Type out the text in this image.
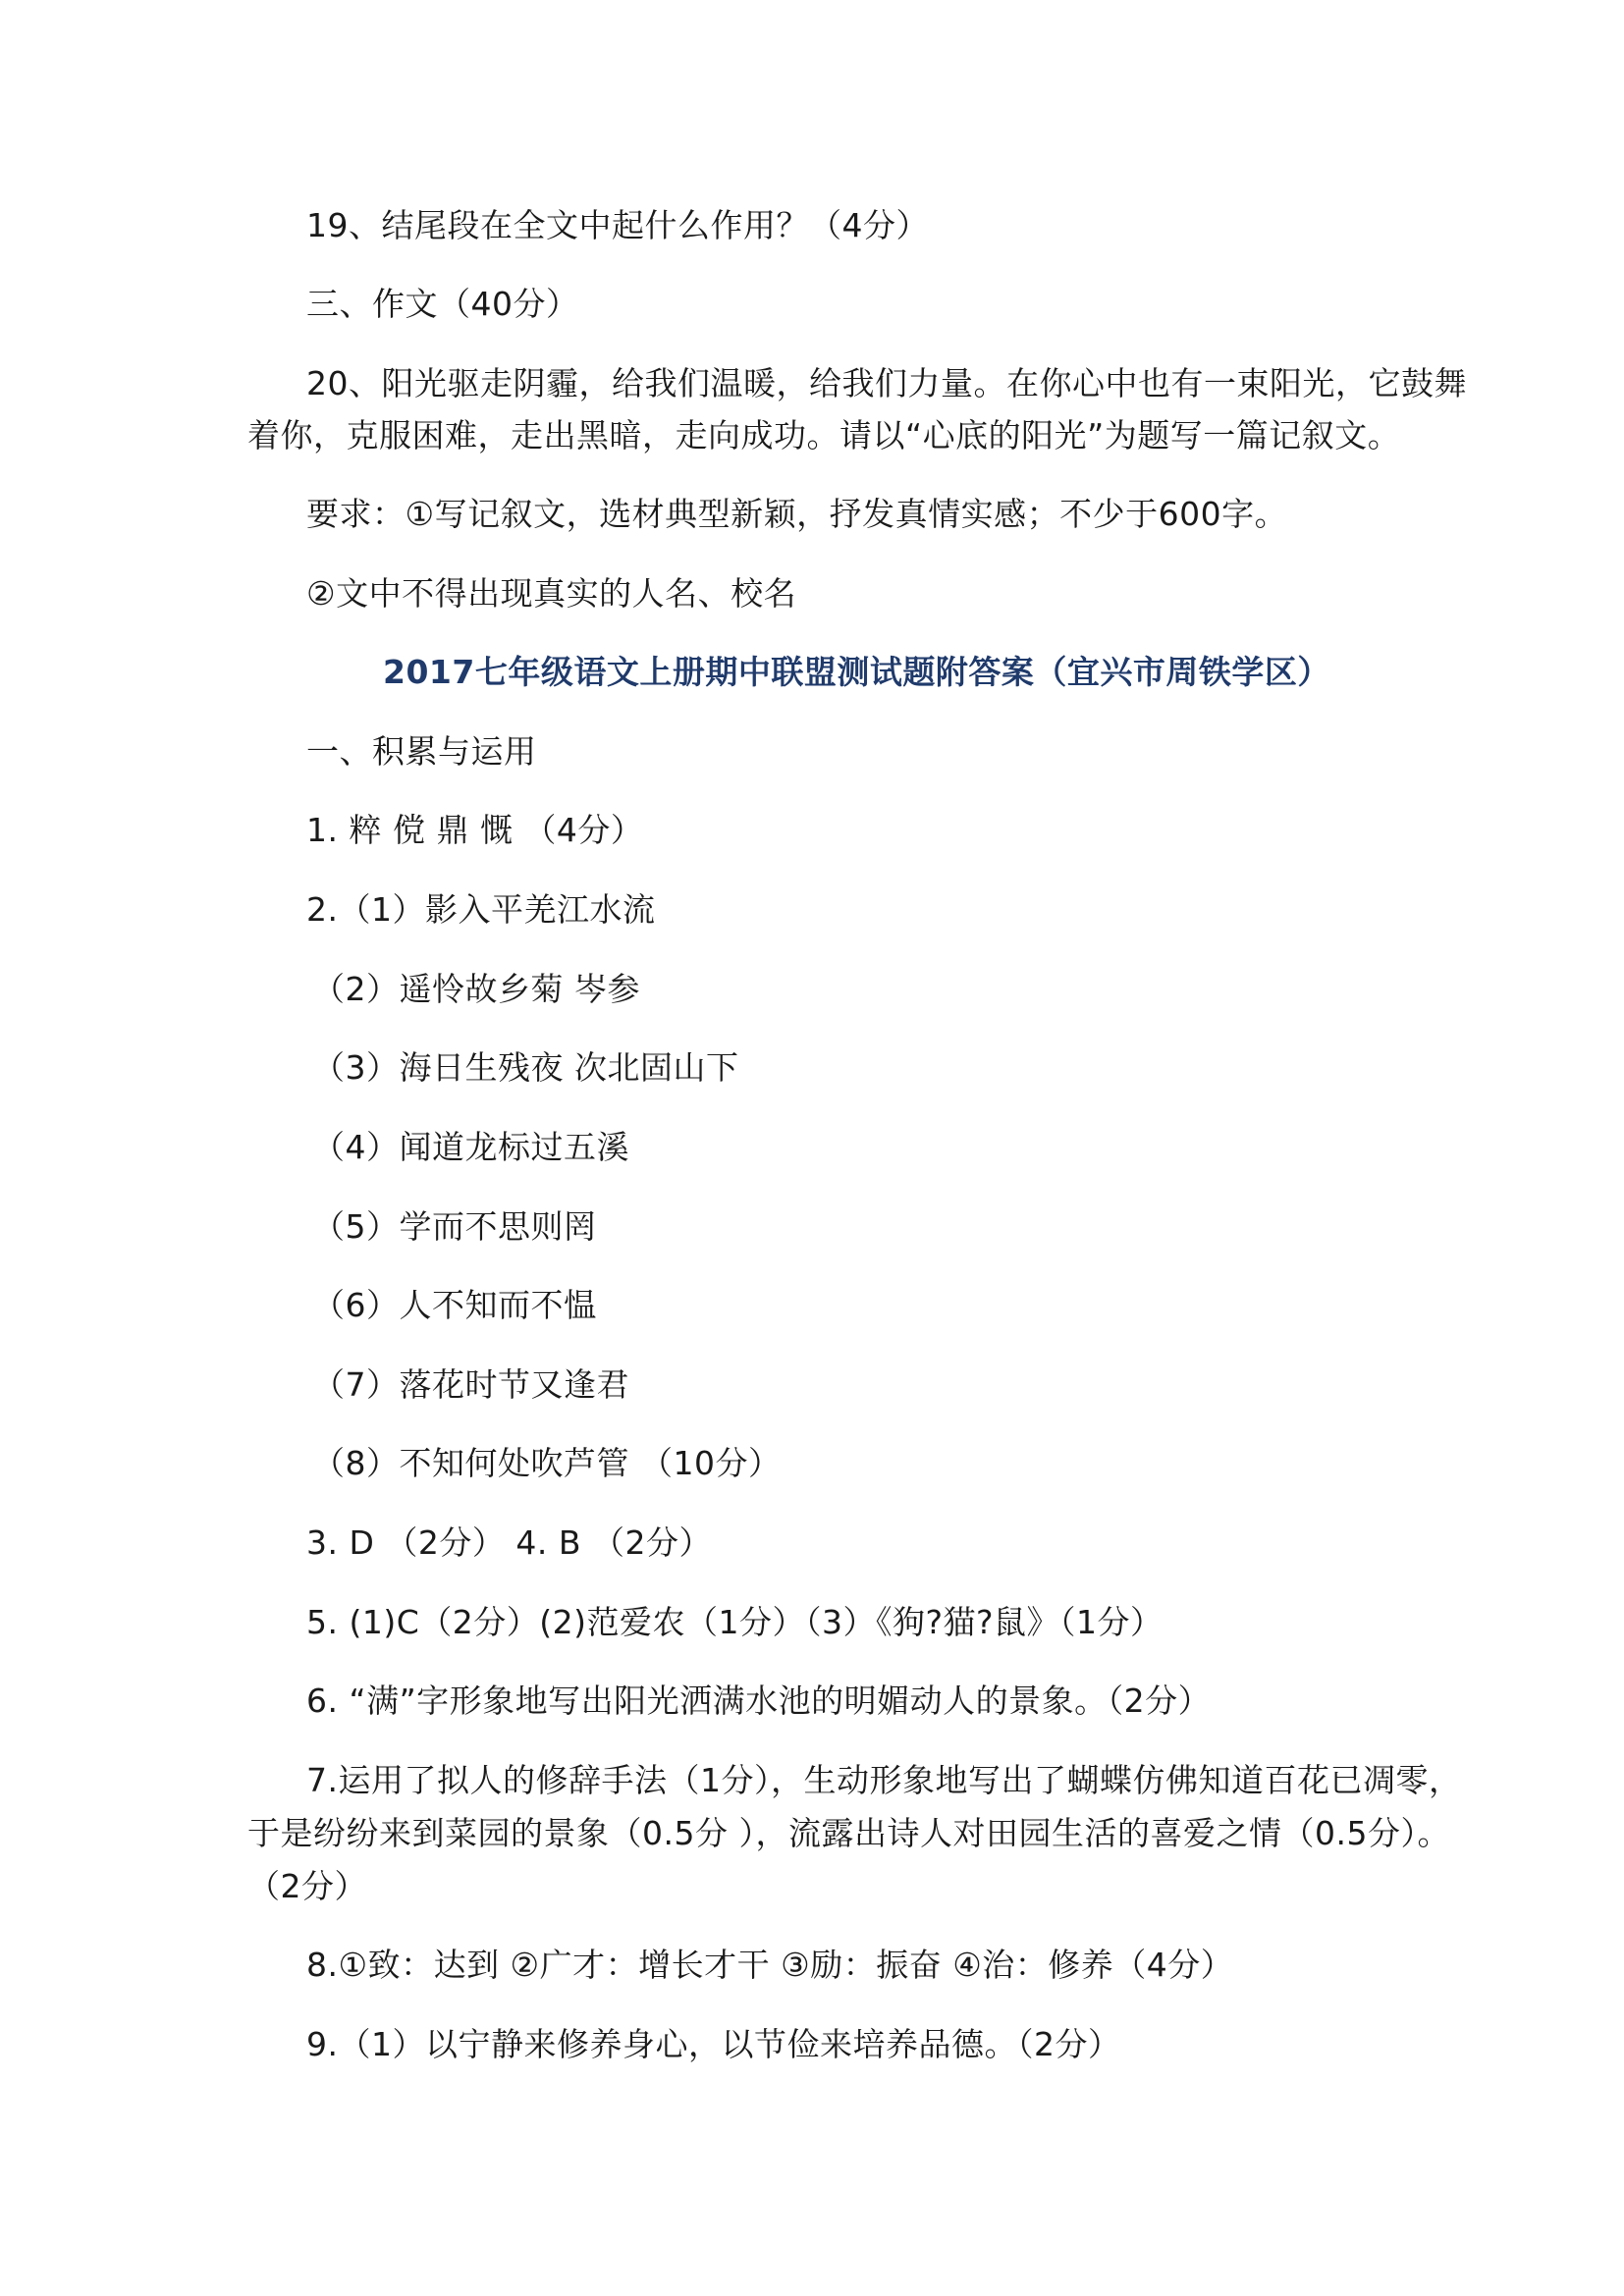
19、结尾段在全文中起什么作用？（4分）
三、作文（40分）
20、阳光驱走阴霾，给我们温暖，给我们力量。在你心中也有一束阳光，它鼓舞
着你，克服困难，走出黑暗，走向成功。请以“心底的阳光”为题写一篇记叙文。
要求：①写记叙文，选材典型新颖，抒发真情实感；不少于600字。
②文中不得出现真实的人名、校名
2017七年级语文上册期中联盟测试题附答案（宜兴市周铁学区）
一、积累与运用
1. 粹 傥 鼎 慨 （4分）
2.（1）影入平羌江水流
（2）遥怜故乡菊 岑参
（3）海日生残夜 次北固山下
（4）闻道龙标过五溪
（5）学而不思则罔
（6）人不知而不愠
（7）落花时节又逢君
（8）不知何处吹芦管 （10分）
3. D （2分） 4. B （2分）
5. (1)C（2分）(2)范爱农（1分）（3）《狗?猫?鼠》（1分）
6. “满”字形象地写出阳光洒满水池的明媚动人的景象。（2分）
7.运用了拟人的修辞手法（1分），生动形象地写出了蝴蝶仿佛知道百花已凋零，
于是纷纷来到菜园的景象（0.5分 ），流露出诗人对田园生活的喜爱之情（0.5分）。
（2分）
8.①致：达到 ②广才：增长才干 ③励：振奋 ④治：修养（4分）
9.（1）以宁静来修养身心，以节俭来培养品德。（2分）
